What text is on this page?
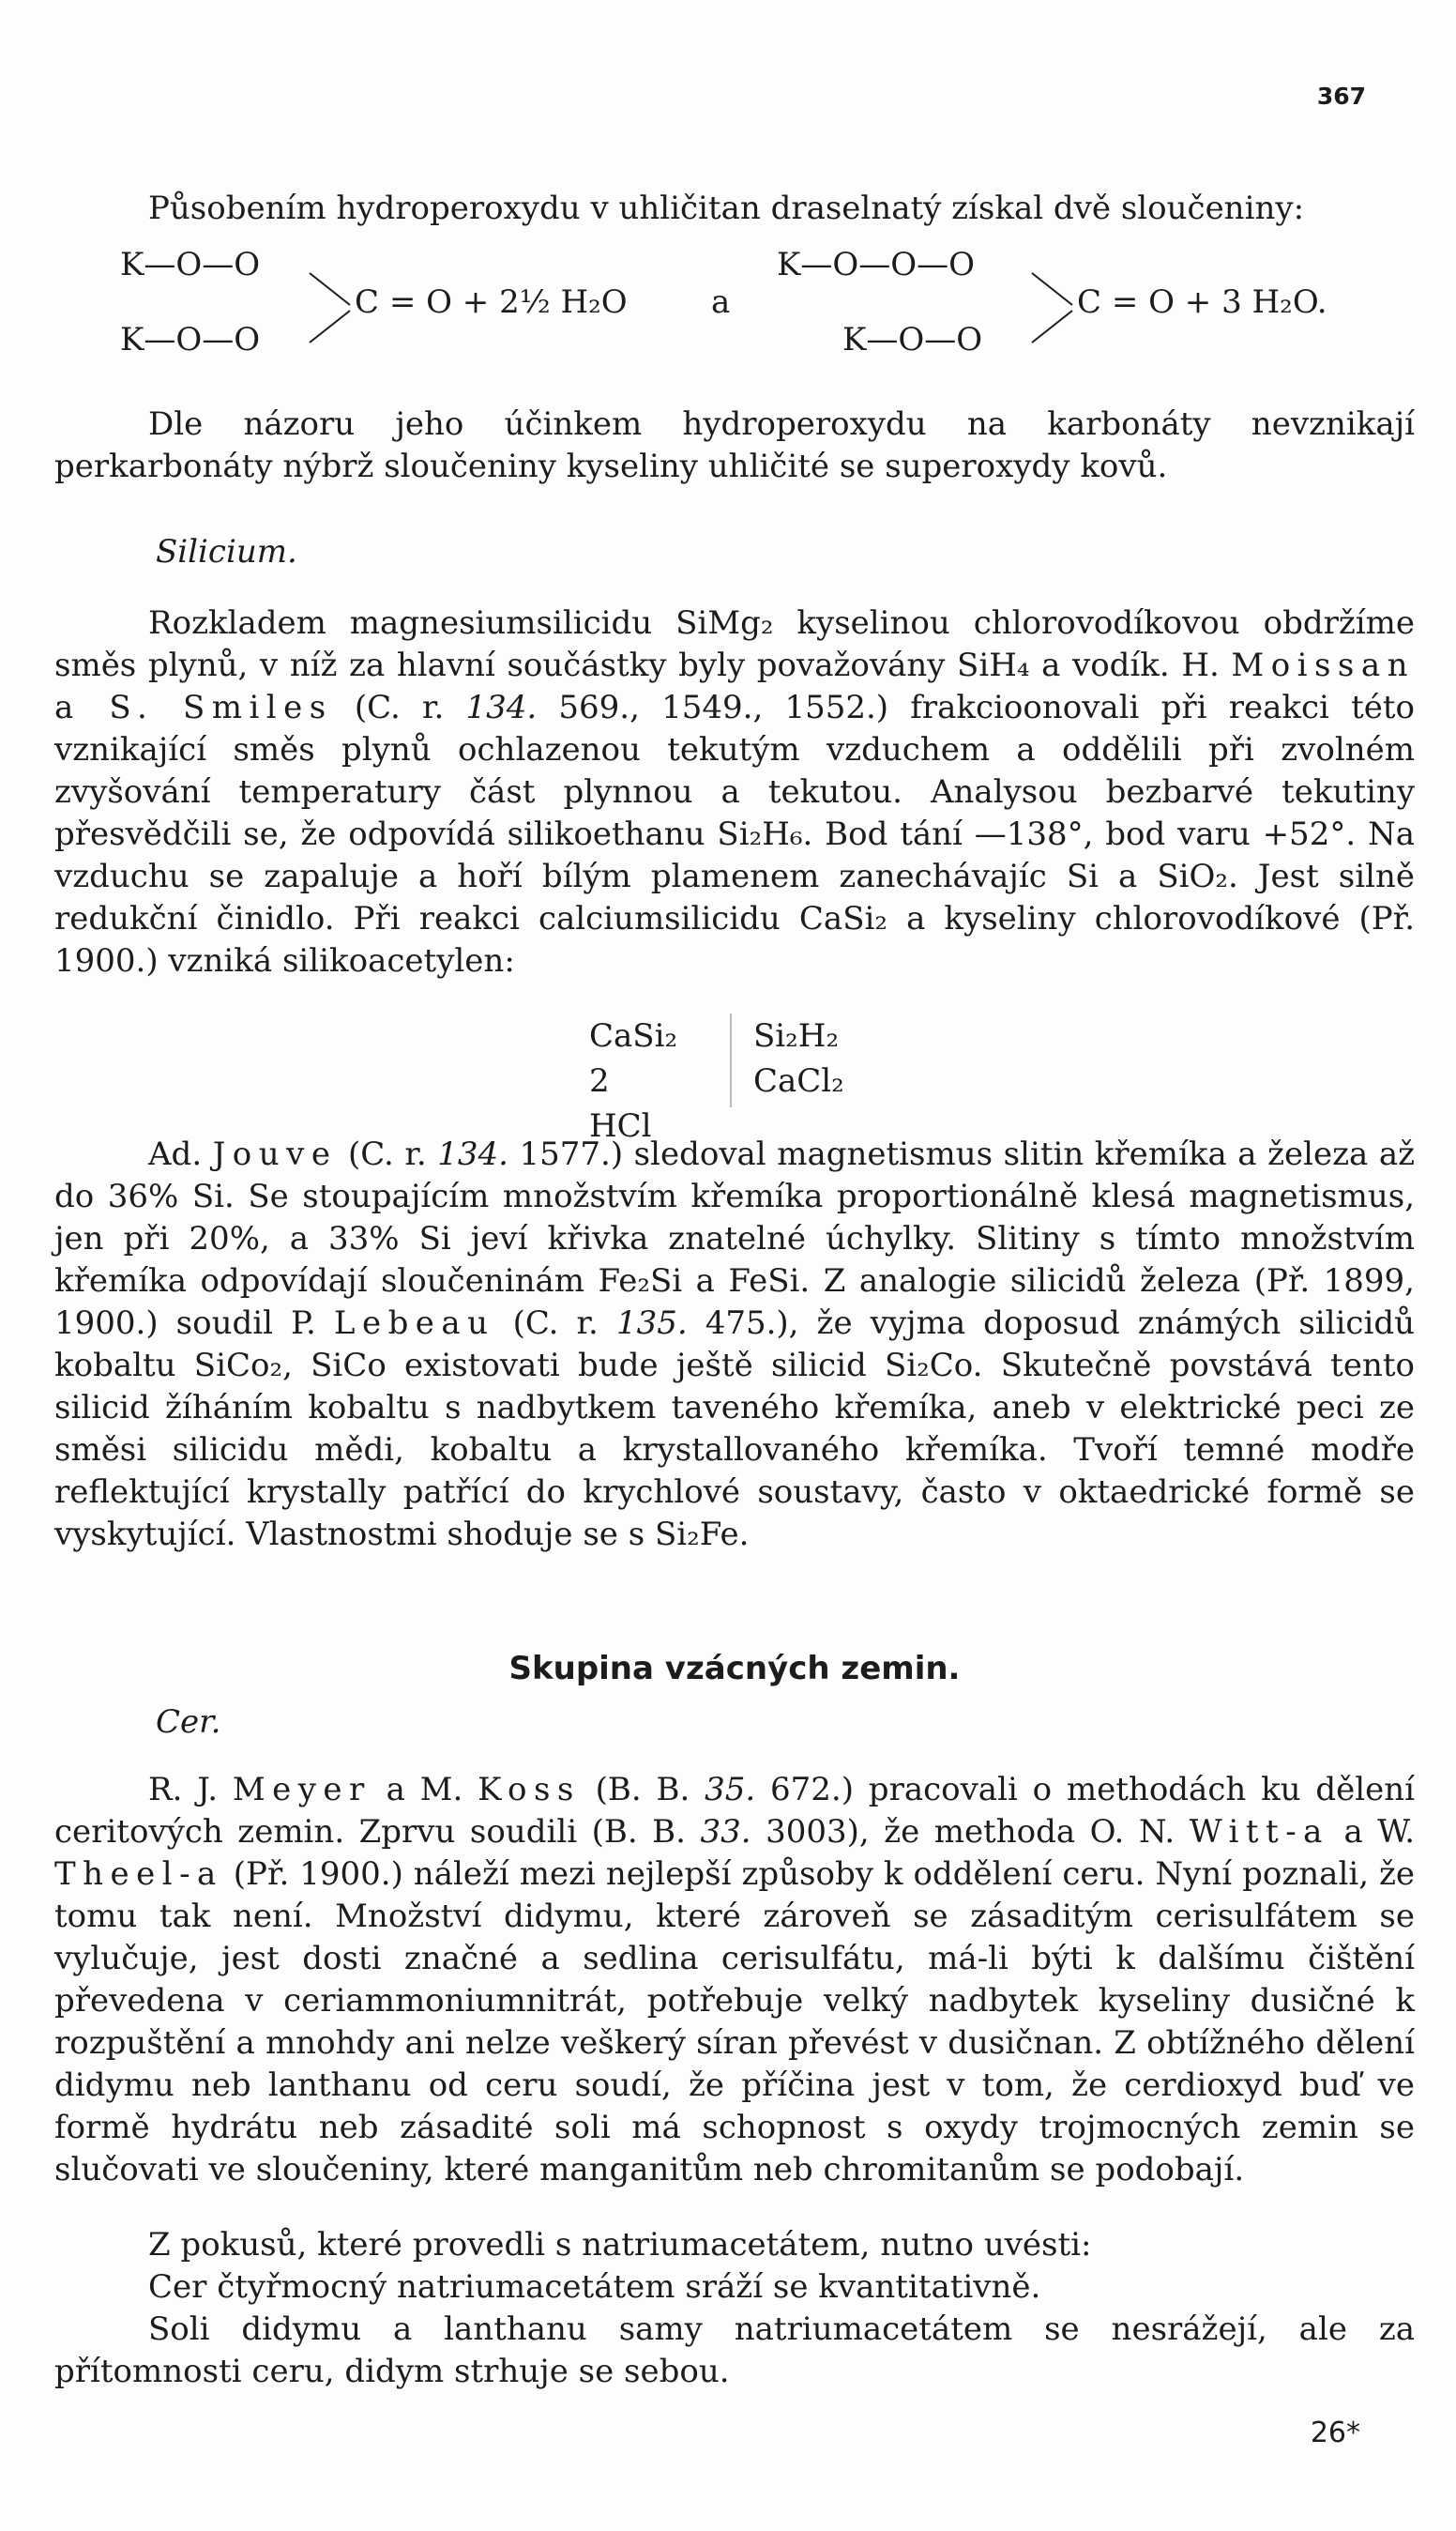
367

Působením hydroperoxydu v uhličitan draselnatý získal dvě sloučeniny:

K—O—O
K—O—O
C = O + 2½ H₂O	a
K—O—O—O
K—O—O
C = O + 3 H₂O.

Dle názoru jeho účinkem hydroperoxydu na karbonáty nevznikají perkarbonáty nýbrž sloučeniny kyseliny uhličité se superoxydy kovů.

Silicium.

Rozkladem magnesiumsilicidu SiMg₂ kyselinou chlorovodíkovou obdržíme směs plynů, v níž za hlavní součástky byly považovány SiH₄ a vodík. H. Moissan a S. Smiles (C. r. 134. 569., 1549., 1552.) frakcioonovali při reakci této vznikající směs plynů ochlazenou tekutým vzduchem a oddělili při zvolném zvyšování temperatury část plynnou a tekutou. Analysou bezbarvé tekutiny přesvědčili se, že odpovídá silikoethanu Si₂H₆. Bod tání —138°, bod varu +52°. Na vzduchu se zapaluje a hoří bílým plamenem zanechávajíc Si a SiO₂. Jest silně redukční činidlo. Při reakci calciumsilicidu CaSi₂ a kyseliny chlorovodíkové (Př. 1900.) vzniká silikoacetylen:

CaSi₂
2 HCl
Si₂H₂
CaCl₂

Ad. Jouve (C. r. 134. 1577.) sledoval magnetismus slitin křemíka a železa až do 36% Si. Se stoupajícím množstvím křemíka proportionálně klesá magnetismus, jen při 20%, a 33% Si jeví křivka znatelné úchylky. Slitiny s tímto množstvím křemíka odpovídají sloučeninám Fe₂Si a FeSi. Z analogie silicidů železa (Př. 1899, 1900.) soudil P. Lebeau (C. r. 135. 475.), že vyjma doposud známých silicidů kobaltu SiCo₂, SiCo existovati bude ještě silicid Si₂Co. Skutečně povstává tento silicid žíháním kobaltu s nadbytkem taveného křemíka, aneb v elektrické peci ze směsi silicidu mědi, kobaltu a krystallovaného křemíka. Tvoří temné modře reflektující krystally patřící do krychlové soustavy, často v oktaedrické formě se vyskytující. Vlastnostmi shoduje se s Si₂Fe.

Skupina vzácných zemin.
Cer.

R. J. Meyer a M. Koss (B. B. 35. 672.) pracovali o methodách ku dělení ceritových zemin. Zprvu soudili (B. B. 33. 3003), že methoda O. N. Witt-a a W. Theel-a (Př. 1900.) náleží mezi nejlepší způsoby k oddělení ceru. Nyní poznali, že tomu tak není. Množství didymu, které zároveň se zásaditým cerisulfátem se vylučuje, jest dosti značné a sedlina cerisulfátu, má-li býti k dalšímu čištění převedena v ceriammoniumnitrát, potřebuje velký nadbytek kyseliny dusičné k rozpuštění a mnohdy ani nelze veškerý síran převést v dusičnan. Z obtížného dělení didymu neb lanthanu od ceru soudí, že příčina jest v tom, že cerdioxyd buď ve formě hydrátu neb zásadité soli má schopnost s oxydy trojmocných zemin se slučovati ve sloučeniny, které manganitům neb chromitanům se podobají.

Z pokusů, které provedli s natriumacetátem, nutno uvésti:

Cer čtyřmocný natriumacetátem sráží se kvantitativně.

Soli didymu a lanthanu samy natriumacetátem se nesrážejí, ale za přítomnosti ceru, didym strhuje se sebou.

26*
